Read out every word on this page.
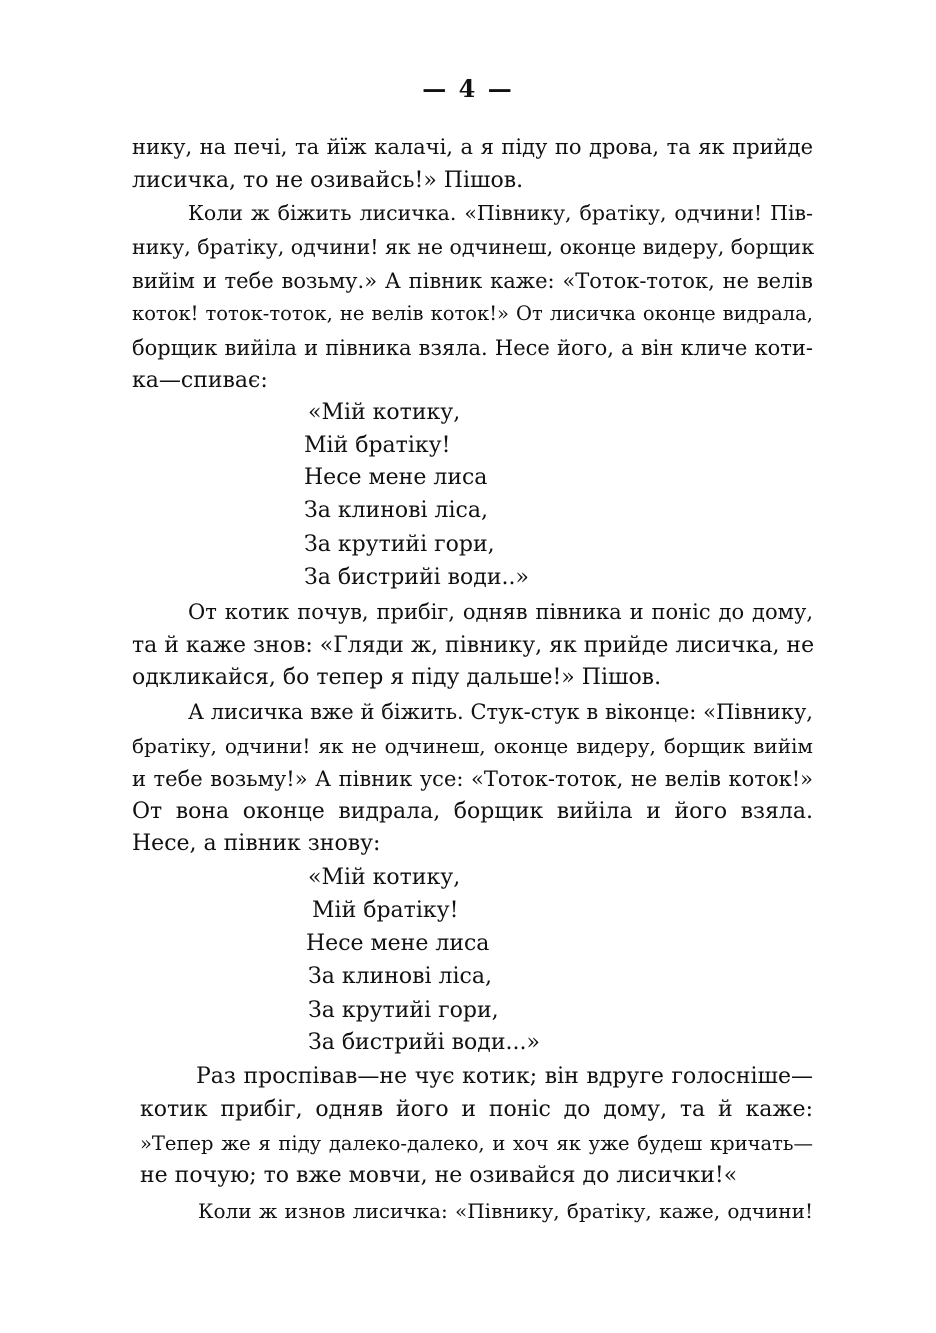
— 4 —
нику, на печі, та йїж калачі, а я піду по дрова, та як прийде
лисичка, то не озивайсь!» Пішов.
Коли ж біжить лисичка. «Півнику, братіку, одчини! Пів-
нику, братіку, одчини! як не одчинеш, оконце видеру, борщик
вийім и тебе возьму.» А півник каже: «Тоток-тоток, не велів
коток! тоток-тоток, не велів коток!» От лисичка оконце видрала,
борщик вийіла и півника взяла. Несе його, а він кличе коти-
ка—спиває:
«Мій котику,
Мій братіку!
Несе мене лиса
За клинові ліса,
За крутийі гори,
За бистрийі води..»
От котик почув, прибіг, одняв півника и поніс до дому,
та й каже знов: «Гляди ж, півнику, як прийде лисичка, не
одкликайся, бо тепер я піду дальше!» Пішов.
А лисичка вже й біжить. Стук-стук в віконце: «Півнику,
братіку, одчини! як не одчинеш, оконце видеру, борщик вийім
и тебе возьму!» А півник усе: «Тоток-тоток, не велів коток!»
От вона оконце видрала, борщик вийіла и його взяла.
Несе, а півник знову:
«Мій котику,
Мій братіку!
Несе мене лиса
За клинові ліса,
За крутийі гори,
За бистрийі води...»
Раз проспівав—не чує котик; він вдруге голосніше—
котик прибіг, одняв його и поніс до дому, та й каже:
»Тепер же я піду далеко-далеко, и хоч як уже будеш кричать—
не почую; то вже мовчи, не озивайся до лисички!«
Коли ж изнов лисичка: «Півнику, братіку, каже, одчини!
